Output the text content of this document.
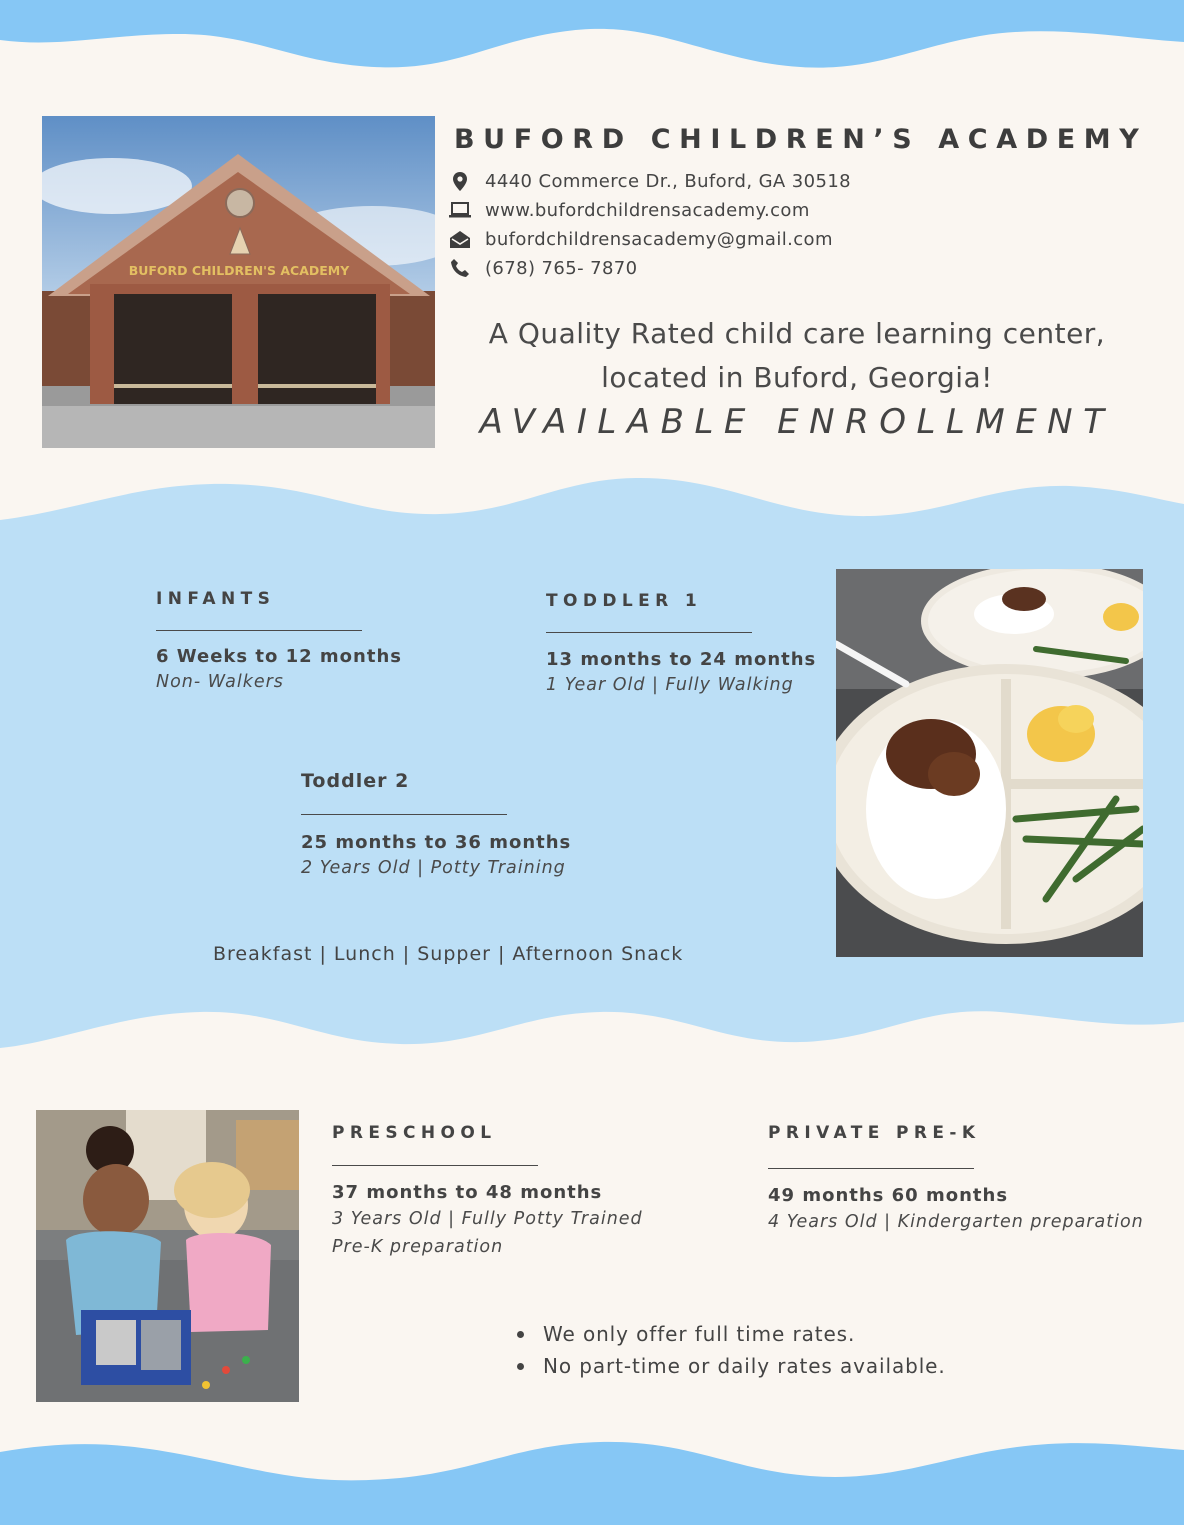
BUFORD CHILDREN'S ACADEMY
BUFORD CHILDREN’S ACADEMY
4440 Commerce Dr., Buford, GA 30518
www.bufordchildrensacademy.com
bufordchildrensacademy@gmail.com
(678) 765- 7870
A Quality Rated child care learning center,
located in Buford, Georgia!
AVAILABLE ENROLLMENT
INFANTS
6 Weeks to 12 months
Non- Walkers
TODDLER 1
13 months to 24 months
1 Year Old | Fully Walking
Toddler 2
25 months to 36 months
2 Years Old | Potty Training
Breakfast | Lunch | Supper | Afternoon Snack
PRESCHOOL
37 months to 48 months
3 Years Old | Fully Potty Trained
Pre-K preparation
PRIVATE PRE-K
49 months 60 months
4 Years Old | Kindergarten preparation
We only offer full time rates.
No part-time or daily rates available.
